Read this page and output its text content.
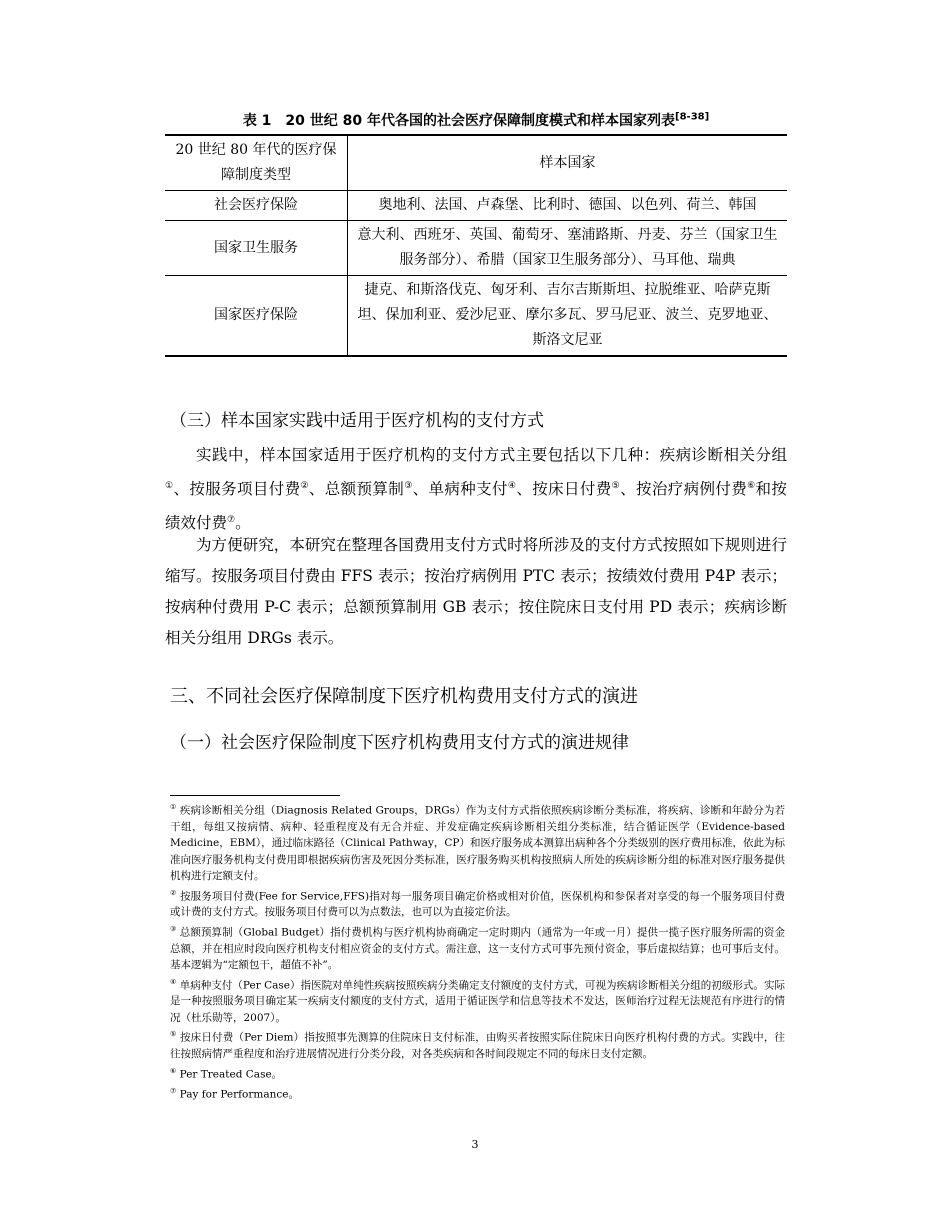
表 1　20 世纪 80 年代各国的社会医疗保障制度模式和样本国家列表[8-38]
20 世纪 80 年代的医疗保障制度类型	样本国家
社会医疗保险	奥地利、法国、卢森堡、比利时、德国、以色列、荷兰、韩国
国家卫生服务	意大利、西班牙、英国、葡萄牙、塞浦路斯、丹麦、芬兰（国家卫生服务部分）、希腊（国家卫生服务部分）、马耳他、瑞典
国家医疗保险	捷克、和斯洛伐克、匈牙利、吉尔吉斯斯坦、拉脱维亚、哈萨克斯坦、保加利亚、爱沙尼亚、摩尔多瓦、罗马尼亚、波兰、克罗地亚、斯洛文尼亚
（三）样本国家实践中适用于医疗机构的支付方式
实践中，样本国家适用于医疗机构的支付方式主要包括以下几种：疾病诊断相关分组①、按服务项目付费②、总额预算制③、单病种支付④、按床日付费⑤、按治疗病例付费⑥和按绩效付费⑦。
为方便研究，本研究在整理各国费用支付方式时将所涉及的支付方式按照如下规则进行缩写。按服务项目付费由 FFS 表示；按治疗病例用 PTC 表示；按绩效付费用 P4P 表示；按病种付费用 P-C 表示；总额预算制用 GB 表示；按住院床日支付用 PD 表示；疾病诊断相关分组用 DRGs 表示。
三、不同社会医疗保障制度下医疗机构费用支付方式的演进
（一）社会医疗保险制度下医疗机构费用支付方式的演进规律

① 疾病诊断相关分组（Diagnosis Related Groups，DRGs）作为支付方式指依照疾病诊断分类标准，将疾病、诊断和年龄分为若干组，每组又按病情、病种、轻重程度及有无合并症、并发症确定疾病诊断相关组分类标准，结合循证医学（Evidence-based Medicine，EBM），通过临床路径（Clinical Pathway，CP）和医疗服务成本测算出病种各个分类级别的医疗费用标准，依此为标准向医疗服务机构支付费用即根据疾病伤害及死因分类标准，医疗服务购买机构按照病人所处的疾病诊断分组的标准对医疗服务提供机构进行定额支付。

② 按服务项目付费(Fee for Service,FFS)指对每一服务项目确定价格或相对价值，医保机构和参保者对享受的每一个服务项目付费或计费的支付方式。按服务项目付费可以为点数法，也可以为直接定价法。

③ 总额预算制（Global Budget）指付费机构与医疗机构协商确定一定时期内（通常为一年或一月）提供一揽子医疗服务所需的资金总额，并在相应时段向医疗机构支付相应资金的支付方式。需注意，这一支付方式可事先预付资金，事后虚拟结算；也可事后支付。基本逻辑为“定额包干，超值不补”。

④ 单病种支付（Per Case）指医院对单纯性疾病按照疾病分类确定支付额度的支付方式，可视为疾病诊断相关分组的初级形式。实际是一种按照服务项目确定某一疾病支付额度的支付方式，适用于循证医学和信息等技术不发达，医师治疗过程无法规范有序进行的情况（杜乐勋等，2007）。

⑤ 按床日付费（Per Diem）指按照事先测算的住院床日支付标准，由购买者按照实际住院床日向医疗机构付费的方式。实践中，往往按照病情严重程度和治疗进展情况进行分类分段，对各类疾病和各时间段规定不同的每床日支付定额。

⑥ Per Treated Case。

⑦ Pay for Performance。

3
